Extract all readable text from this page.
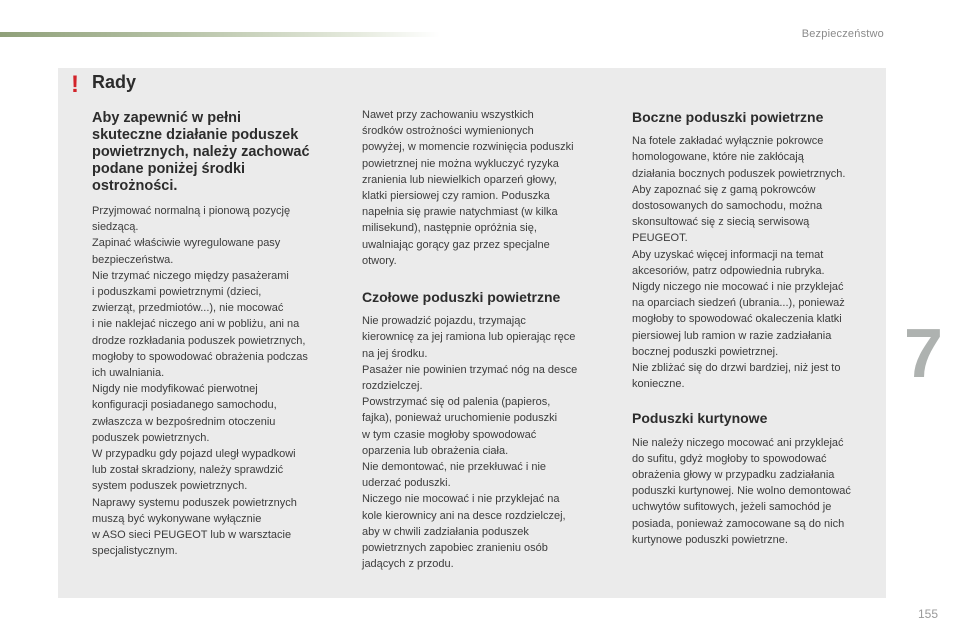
Bezpieczeństwo
! Rady
Aby zapewnić w pełni
skuteczne działanie poduszek
powietrznych, należy zachować
podane poniżej środki
ostrożności.

Przyjmować normalną i pionową pozycję
siedzącą.
Zapinać właściwie wyregulowane pasy
bezpieczeństwa.
Nie trzymać niczego między pasażerami
i poduszkami powietrznymi (dzieci,
zwierząt, przedmiotów...), nie mocować
i nie naklejać niczego ani w pobliżu, ani na
drodze rozkładania poduszek powietrznych,
mogłoby to spowodować obrażenia podczas
ich uwalniania.
Nigdy nie modyfikować pierwotnej
konfiguracji posiadanego samochodu,
zwłaszcza w bezpośrednim otoczeniu
poduszek powietrznych.
W przypadku gdy pojazd uległ wypadkowi
lub został skradziony, należy sprawdzić
system poduszek powietrznych.
Naprawy systemu poduszek powietrznych
muszą być wykonywane wyłącznie
w ASO sieci PEUGEOT lub w warsztacie
specjalistycznym.

Nawet przy zachowaniu wszystkich
środków ostrożności wymienionych
powyżej, w momencie rozwinięcia poduszki
powietrznej nie można wykluczyć ryzyka
zranienia lub niewielkich oparzeń głowy,
klatki piersiowej czy ramion. Poduszka
napełnia się prawie natychmiast (w kilka
milisekund), następnie opróżnia się,
uwalniając gorący gaz przez specjalne
otwory.

Czołowe poduszki powietrzne

Nie prowadzić pojazdu, trzymając
kierownicę za jej ramiona lub opierając ręce
na jej środku.
Pasażer nie powinien trzymać nóg na desce
rozdzielczej.
Powstrzymać się od palenia (papieros,
fajka), ponieważ uruchomienie poduszki
w tym czasie mogłoby spowodować
oparzenia lub obrażenia ciała.
Nie demontować, nie przekłuwać i nie
uderzać poduszki.
Niczego nie mocować i nie przyklejać na
kole kierownicy ani na desce rozdzielczej,
aby w chwili zadziałania poduszek
powietrznych zapobiec zranieniu osób
jadących z przodu.

Boczne poduszki powietrzne

Na fotele zakładać wyłącznie pokrowce
homologowane, które nie zakłócają
działania bocznych poduszek powietrznych.
Aby zapoznać się z gamą pokrowców
dostosowanych do samochodu, można
skonsultować się z siecią serwisową
PEUGEOT.
Aby uzyskać więcej informacji na temat
akcesoriów, patrz odpowiednia rubryka.
Nigdy niczego nie mocować i nie przyklejać
na oparciach siedzeń (ubrania...), ponieważ
mogłoby to spowodować okaleczenia klatki
piersiowej lub ramion w razie zadziałania
bocznej poduszki powietrznej.
Nie zbliżać się do drzwi bardziej, niż jest to
konieczne.

Poduszki kurtynowe

Nie należy niczego mocować ani przyklejać
do sufitu, gdyż mogłoby to spowodować
obrażenia głowy w przypadku zadziałania
poduszki kurtynowej. Nie wolno demontować
uchwytów sufitowych, jeżeli samochód je
posiada, ponieważ zamocowane są do nich
kurtynowe poduszki powietrzne.

7
155
